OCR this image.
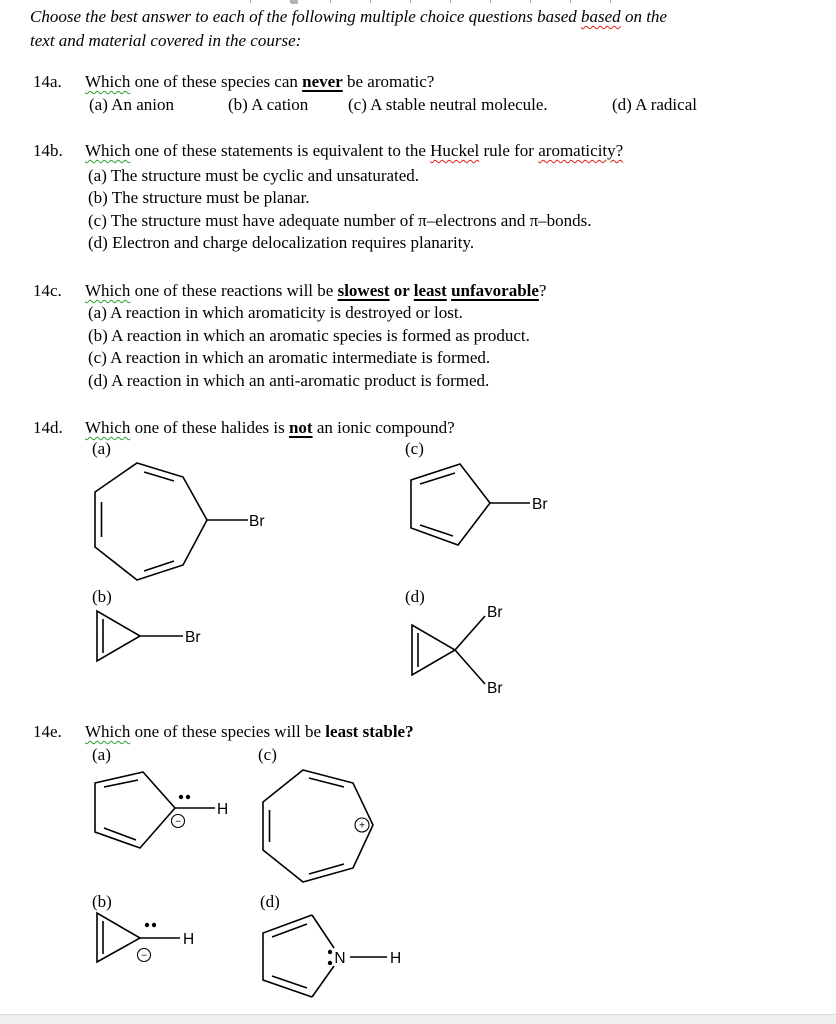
Choose the best answer to each of the following multiple choice questions based based on the
text and material covered in the course:
14a. Which one of these species can never be aromatic?
(a) An anion	(b) A cation (c) A stable neutral molecule.	(d) A radical
14b. Which one of these statements is equivalent to the Huckel rule for aromaticity?
(a) The structure must be cyclic and unsaturated.
(b) The structure must be planar.
(c) The structure must have adequate number of π–electrons and π–bonds.
(d) Electron and charge delocalization requires planarity.
14c. Which one of these reactions will be slowest or least unfavorable?
(a) A reaction in which aromaticity is destroyed or lost.
(b) A reaction in which an aromatic species is formed as product.
(c) A reaction in which an aromatic intermediate is formed.
(d) A reaction in which an anti-aromatic product is formed.
14d. Which one of these halides is not an ionic compound?
(a)	(c)
(b)	(d)
Br
Br
Br
Br
Br
14e. Which one of these species will be least stable?
(a)	(c)
(b)	(d)
H
−	+
H
−	N	H
